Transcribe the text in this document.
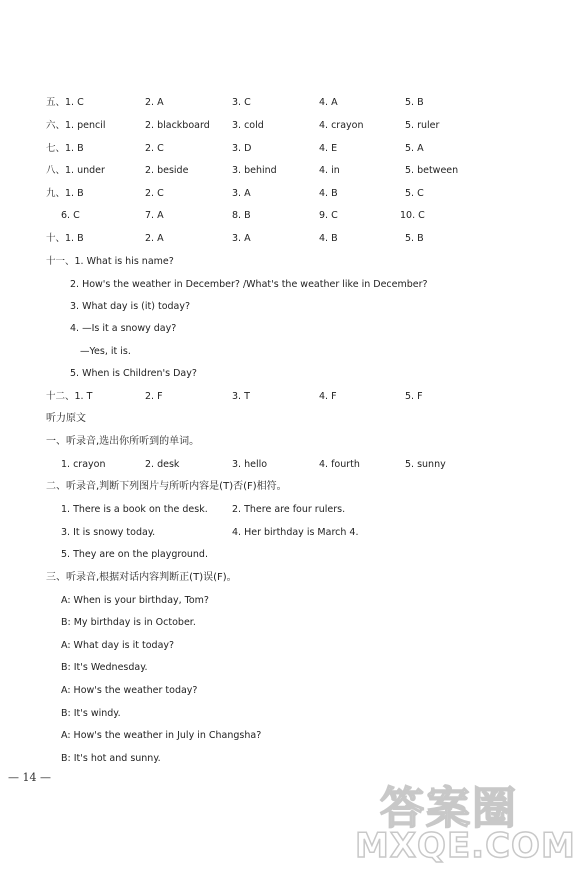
五、1. C	2. A	3. C	4. A	5. B
六、1. pencil	2. blackboard 3. cold	4. crayon	5. ruler
七、1. B	2. C	3. D	4. E	5. A
八、1. under	2. beside	3. behind	4. in	5. between
九、1. B	2. C	3. A	4. B	5. C
6. C	7. A	8. B	9. C	10. C
十、1. B	2. A	3. A	4. B	5. B
十一、1. What is his name?
2. How's the weather in December? /What's the weather like in December?
3. What day is (it) today?
4. —Is it a snowy day?
—Yes, it is.
5. When is Children's Day?
十二、1. T	2. F	3. T	4. F	5. F
听力原文
一、听录音,选出你所听到的单词。
1. crayon	2. desk	3. hello	4. fourth	5. sunny
二、听录音,判断下列图片与所听内容是(T)否(F)相符。
1. There is a book on the desk.	2. There are four rulers.
3. It is snowy today.	4. Her birthday is March 4.
5. They are on the playground.
三、听录音,根据对话内容判断正(T)误(F)。
A: When is your birthday, Tom?
B: My birthday is in October.
A: What day is it today?
B: It's Wednesday.
A: How's the weather today?
B: It's windy.
A: How's the weather in July in Changsha?
B: It's hot and sunny.
— 14 —
答案圈
MXQE.COM
